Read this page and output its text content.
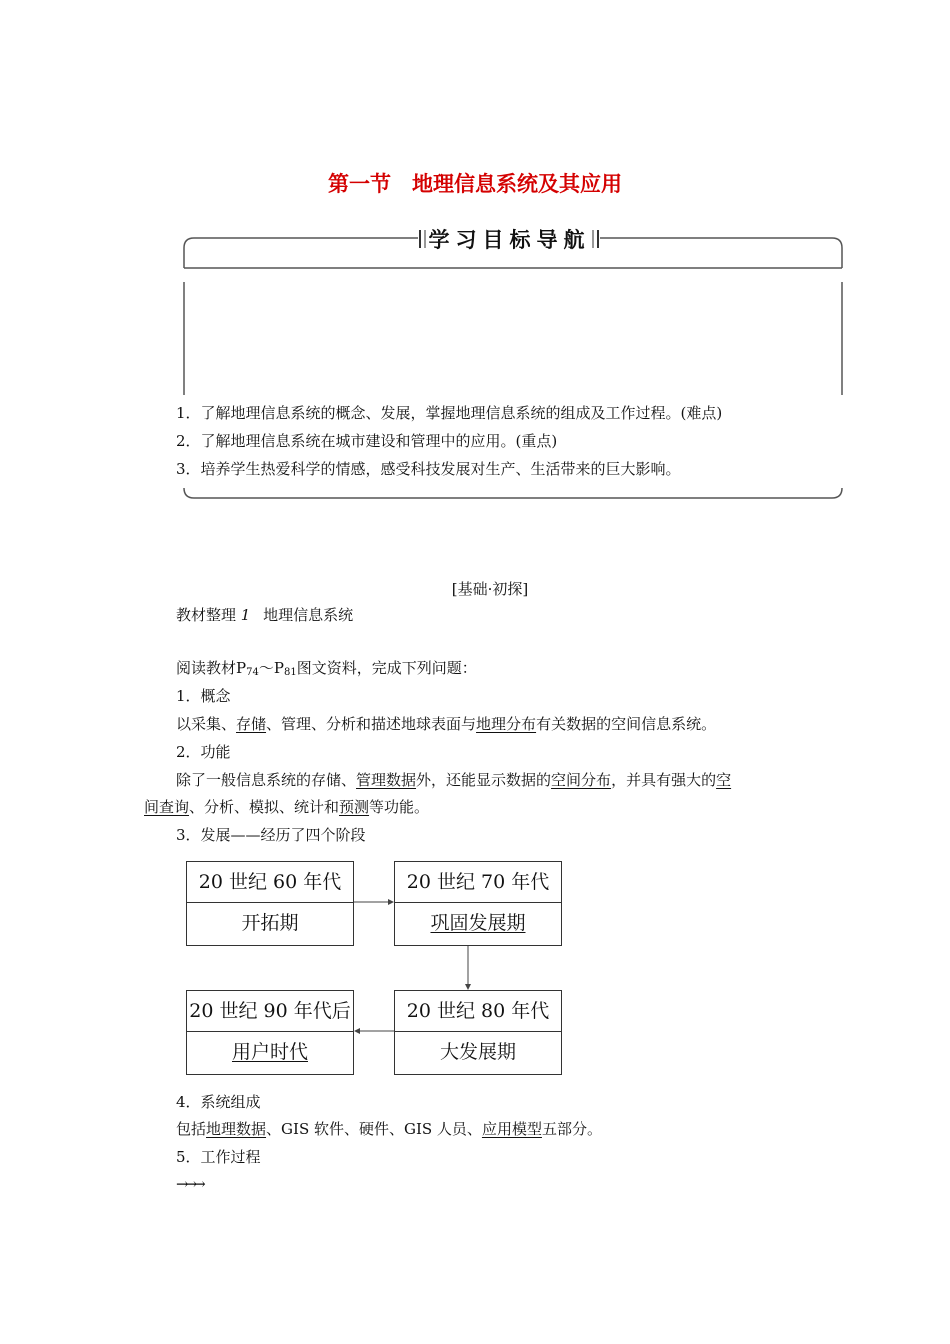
第一节　地理信息系统及其应用
学习目标导航
1．了解地理信息系统的概念、发展，掌握地理信息系统的组成及工作过程。(难点)
2．了解地理信息系统在城市建设和管理中的应用。(重点)
3．培养学生热爱科学的情感，感受科技发展对生产、生活带来的巨大影响。
[基础·初探]
教材整理 1 地理信息系统
阅读教材$P_{74}\sim P_{81}$图文资料，完成下列问题：
1．概念
以采集、存储、管理、分析和描述地球表面与地理分布有关数据的空间信息系统。
2．功能
除了一般信息系统的存储、管理数据外，还能显示数据的空间分布，并具有强大的空
间查询、分析、模拟、统计和预测等功能。
3．发展——经历了四个阶段
20 世纪 60 年代
开拓期
20 世纪 70 年代
巩固发展期
20 世纪 80 年代
大发展期
20 世纪 90 年代后
用户时代
4．系统组成
包括地理数据、GIS 软件、硬件、GIS 人员、应用模型五部分。
5．工作过程
→→→
